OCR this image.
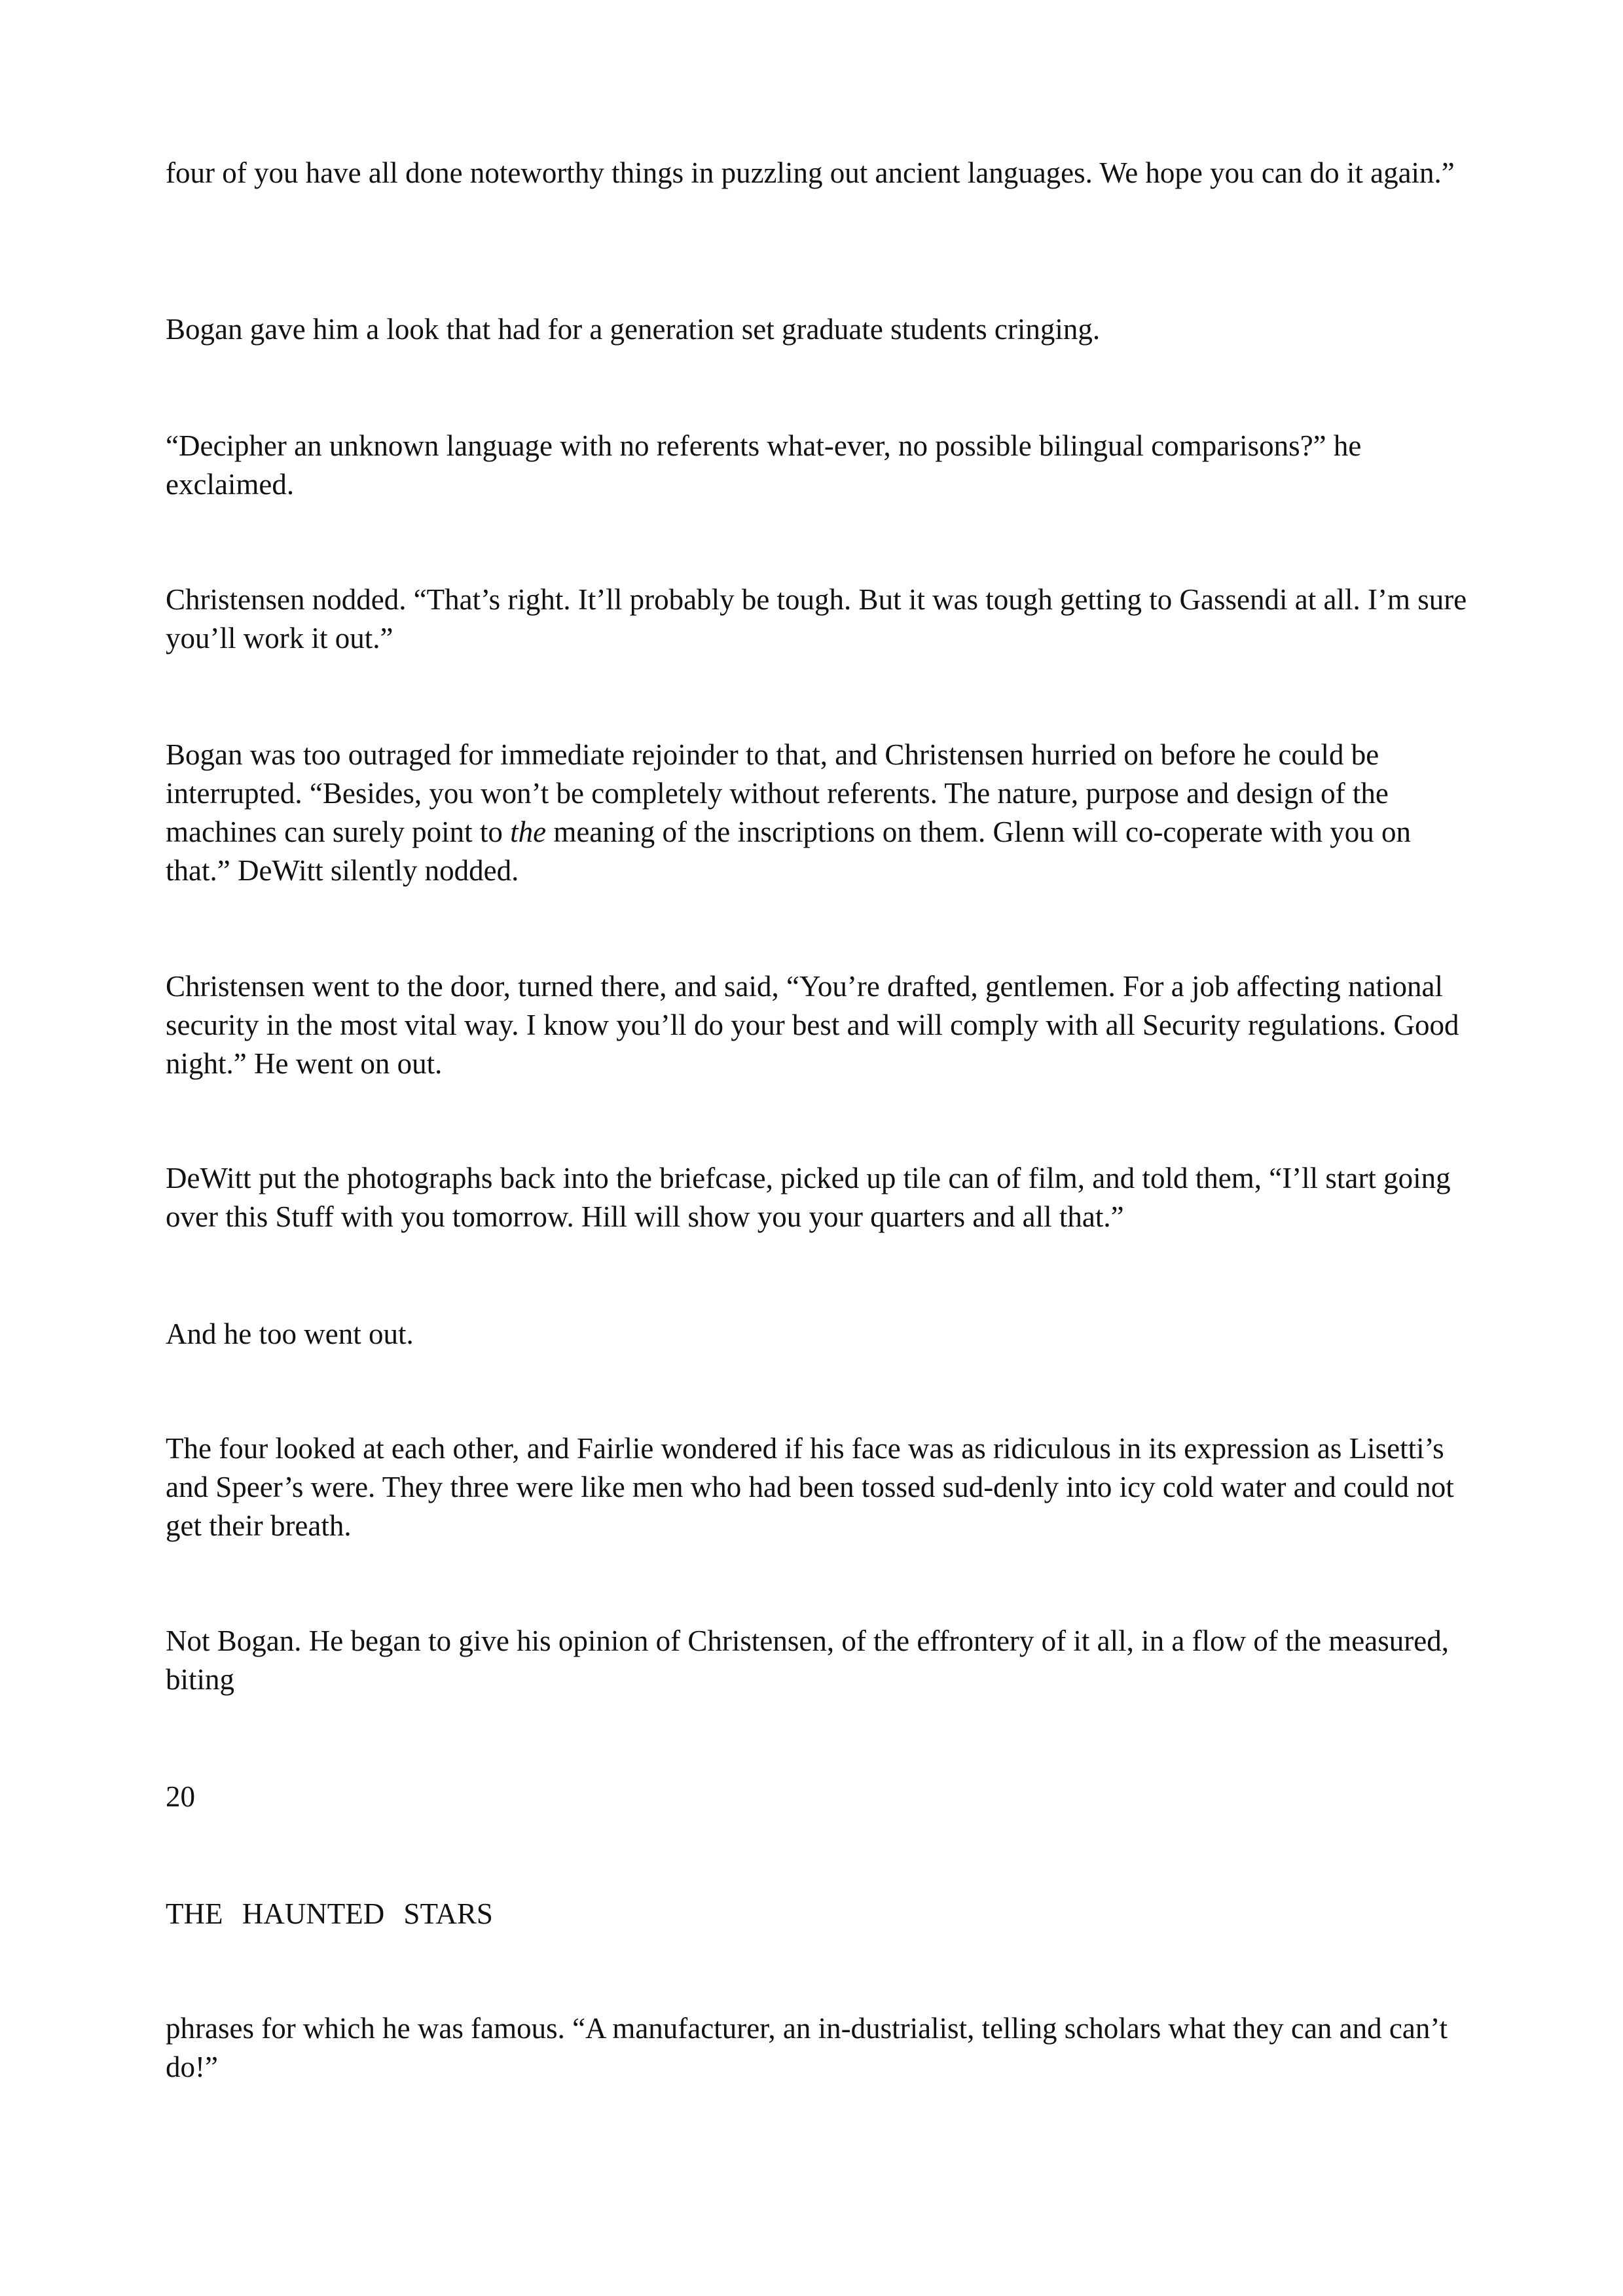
four of you have all done noteworthy things in puzzling out ancient languages. We hope you can do it again.”

Bogan gave him a look that had for a generation set graduate students cringing.

“Decipher an unknown language with no referents what-ever, no possible bilingual comparisons?” he exclaimed.

Christensen nodded. “That’s right. It’ll probably be tough. But it was tough getting to Gassendi at all. I’m sure you’ll work it out.”

Bogan was too outraged for immediate rejoinder to that, and Christensen hurried on before he could be interrupted. “Besides, you won’t be completely without referents. The nature, purpose and design of the machines can surely point to the meaning of the inscriptions on them. Glenn will co-coperate with you on that.” DeWitt silently nodded.

Christensen went to the door, turned there, and said, “You’re drafted, gentlemen. For a job affecting national security in the most vital way. I know you’ll do your best and will comply with all Security regulations. Good night.” He went on out.

DeWitt put the photographs back into the briefcase, picked up tile can of film, and told them, “I’ll start going over this Stuff with you tomorrow. Hill will show you your quarters and all that.”

And he too went out.

The four looked at each other, and Fairlie wondered if his face was as ridiculous in its expression as Lisetti’s and Speer’s were. They three were like men who had been tossed sud-denly into icy cold water and could not get their breath.

Not Bogan. He began to give his opinion of Christensen, of the effrontery of it all, in a flow of the measured, biting

20

THE HAUNTED STARS

phrases for which he was famous. “A manufacturer, an in-dustrialist, telling scholars what they can and can’t do!”
